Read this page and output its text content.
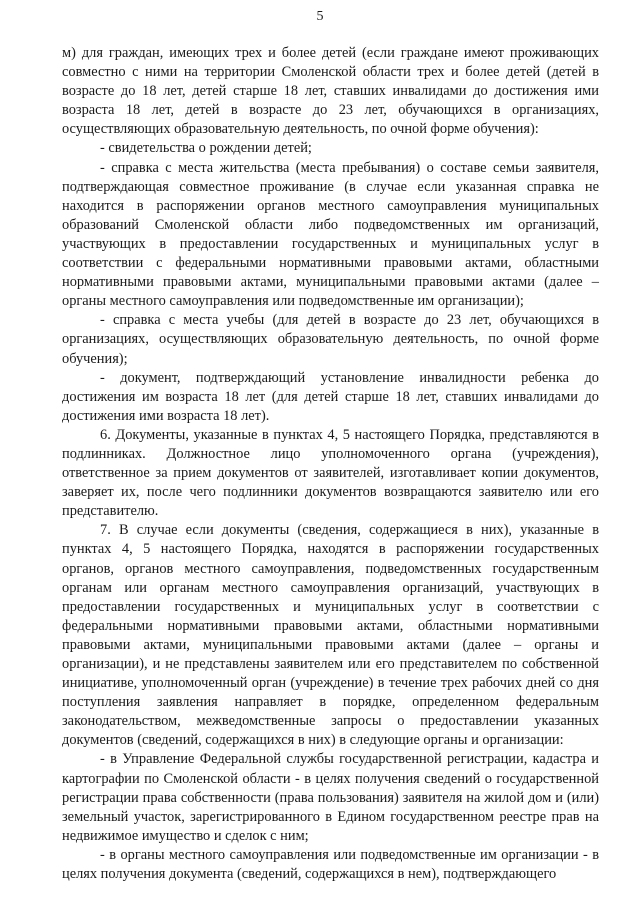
5

м) для граждан, имеющих трех и более детей (если граждане имеют проживающих совместно с ними на территории Смоленской области трех и более детей (детей в возрасте до 18 лет, детей старше 18 лет, ставших инвалидами до достижения ими возраста 18 лет, детей в возрасте до 23 лет, обучающихся в организациях, осуществляющих образовательную деятельность, по очной форме обучения):

- свидетельства о рождении детей;

- справка с места жительства (места пребывания) о составе семьи заявителя, подтверждающая совместное проживание (в случае если указанная справка не находится в распоряжении органов местного самоуправления муниципальных образований Смоленской области либо подведомственных им организаций, участвующих в предоставлении государственных и муниципальных услуг в соответствии с федеральными нормативными правовыми актами, областными нормативными правовыми актами, муниципальными правовыми актами (далее – органы местного самоуправления или подведомственные им организации);

- справка с места учебы (для детей в возрасте до 23 лет, обучающихся в организациях, осуществляющих образовательную деятельность, по очной форме обучения);

- документ, подтверждающий установление инвалидности ребенка до достижения им возраста 18 лет (для детей старше 18 лет, ставших инвалидами до достижения ими возраста 18 лет).

6. Документы, указанные в пунктах 4, 5 настоящего Порядка, представляются в подлинниках. Должностное лицо уполномоченного органа (учреждения), ответственное за прием документов от заявителей, изготавливает копии документов, заверяет их, после чего подлинники документов возвращаются заявителю или его представителю.

7. В случае если документы (сведения, содержащиеся в них), указанные в пунктах 4, 5 настоящего Порядка, находятся в распоряжении государственных органов, органов местного самоуправления, подведомственных государственным органам или органам местного самоуправления организаций, участвующих в предоставлении государственных и муниципальных услуг в соответствии с федеральными нормативными правовыми актами, областными нормативными правовыми актами, муниципальными правовыми актами (далее – органы и организации), и не представлены заявителем или его представителем по собственной инициативе, уполномоченный орган (учреждение) в течение трех рабочих дней со дня поступления заявления направляет в порядке, определенном федеральным законодательством, межведомственные запросы о предоставлении указанных документов (сведений, содержащихся в них) в следующие органы и организации:

- в Управление Федеральной службы государственной регистрации, кадастра и картографии по Смоленской области - в целях получения сведений о государственной регистрации права собственности (права пользования) заявителя на жилой дом и (или) земельный участок, зарегистрированного в Едином государственном реестре прав на недвижимое имущество и сделок с ним;

- в органы местного самоуправления или подведомственные им организации - в целях получения документа (сведений, содержащихся в нем), подтверждающего
